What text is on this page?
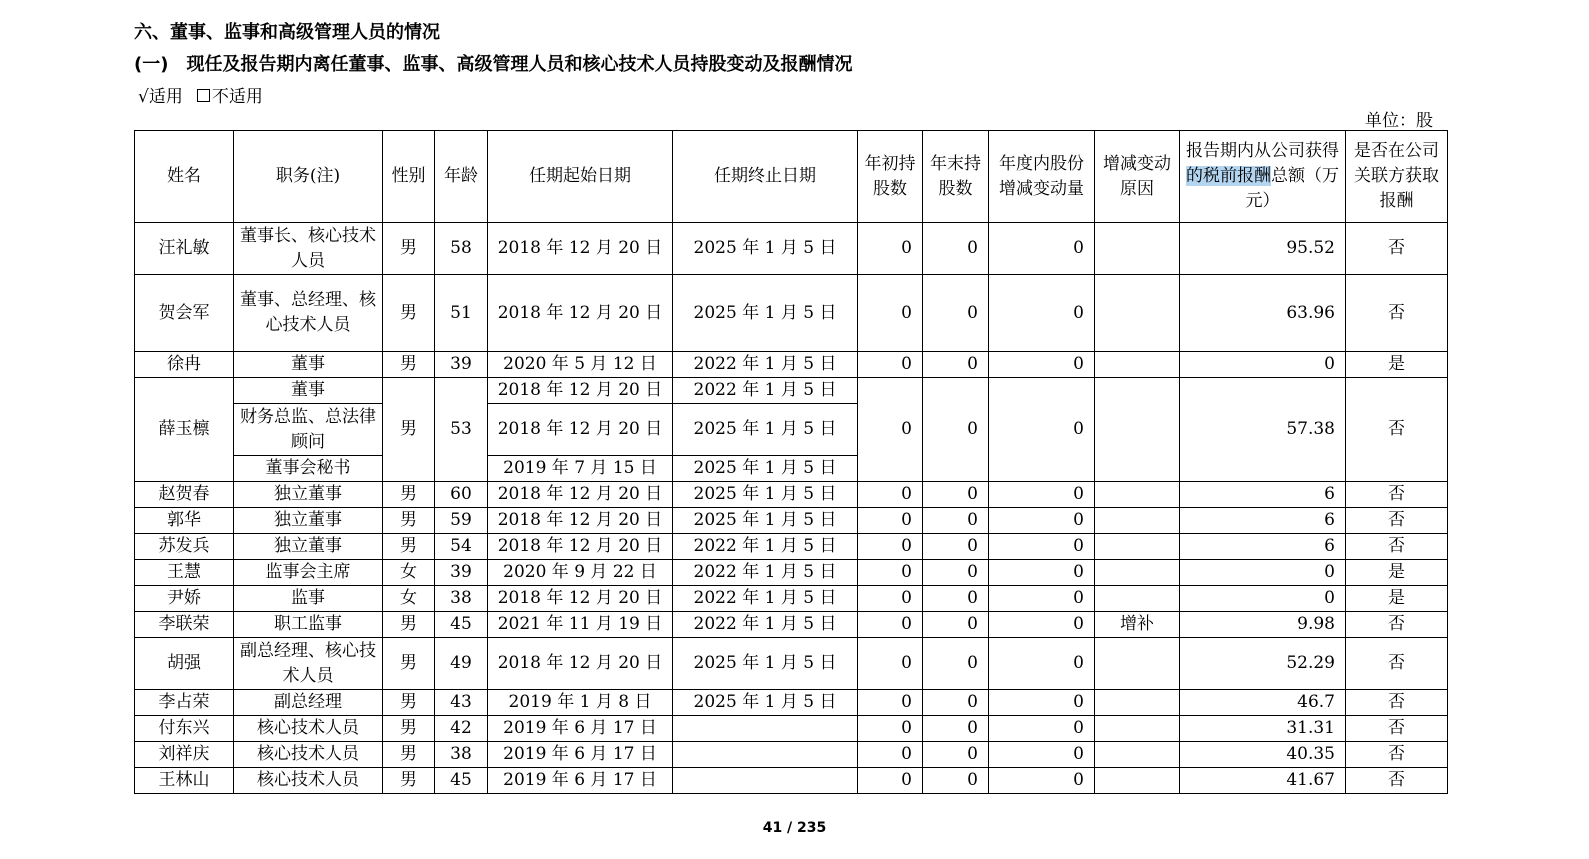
六、董事、监事和高级管理人员的情况
(一) 现任及报告期内离任董事、监事、高级管理人员和核心技术人员持股变动及报酬情况
√适用 不适用
单位：股
姓名	职务(注)	性别	年龄	任期起始日期	任期终止日期	年初持股数	年末持股数	年度内股份增减变动量	增减变动原因	报告期内从公司获得的税前报酬总额（万元）	是否在公司关联方获取报酬
汪礼敏	董事长、核心技术人员	男	58	2018 年 12 月 20 日	2025 年 1 月 5 日	0	0	0		95.52	否
贺会军	董事、总经理、核心技术人员	男	51	2018 年 12 月 20 日	2025 年 1 月 5 日	0	0	0		63.96	否
徐冉	董事	男	39	2020 年 5 月 12 日	2022 年 1 月 5 日	0	0	0		0	是
薛玉檩	董事	男	53	2018 年 12 月 20 日	2022 年 1 月 5 日	0	0	0		57.38	否
	财务总监、总法律顾问			2018 年 12 月 20 日	2025 年 1 月 5 日						
	董事会秘书			2019 年 7 月 15 日	2025 年 1 月 5 日						
赵贺春	独立董事	男	60	2018 年 12 月 20 日	2025 年 1 月 5 日	0	0	0		6	否
郭华	独立董事	男	59	2018 年 12 月 20 日	2025 年 1 月 5 日	0	0	0		6	否
苏发兵	独立董事	男	54	2018 年 12 月 20 日	2022 年 1 月 5 日	0	0	0		6	否
王慧	监事会主席	女	39	2020 年 9 月 22 日	2022 年 1 月 5 日	0	0	0		0	是
尹娇	监事	女	38	2018 年 12 月 20 日	2022 年 1 月 5 日	0	0	0		0	是
李联荣	职工监事	男	45	2021 年 11 月 19 日	2022 年 1 月 5 日	0	0	0	增补	9.98	否
胡强	副总经理、核心技术人员	男	49	2018 年 12 月 20 日	2025 年 1 月 5 日	0	0	0		52.29	否
李占荣	副总经理	男	43	2019 年 1 月 8 日	2025 年 1 月 5 日	0	0	0		46.7	否
付东兴	核心技术人员	男	42	2019 年 6 月 17 日		0	0	0		31.31	否
刘祥庆	核心技术人员	男	38	2019 年 6 月 17 日		0	0	0		40.35	否
王林山	核心技术人员	男	45	2019 年 6 月 17 日		0	0	0		41.67	否
41 / 235
